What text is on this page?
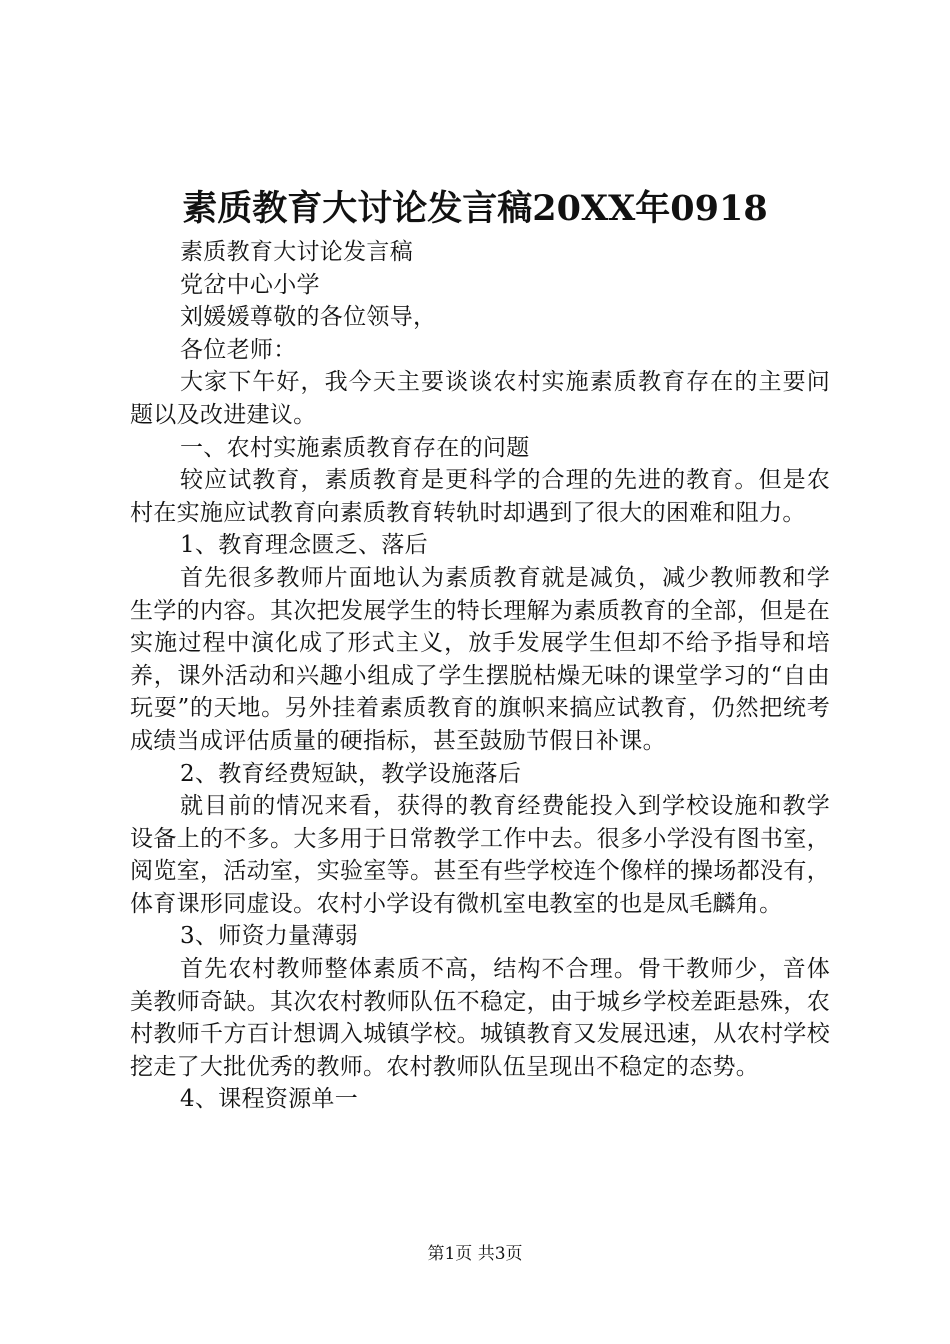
素质教育大讨论发言稿20XX年0918

素质教育大讨论发言稿

党岔中心小学

刘媛媛尊敬的各位领导，

各位老师：

大家下午好，我今天主要谈谈农村实施素质教育存在的主要问题以及改进建议。

一、农村实施素质教育存在的问题

较应试教育，素质教育是更科学的合理的先进的教育。但是农村在实施应试教育向素质教育转轨时却遇到了很大的困难和阻力。

1、教育理念匮乏、落后

首先很多教师片面地认为素质教育就是减负，减少教师教和学生学的内容。其次把发展学生的特长理解为素质教育的全部，但是在实施过程中演化成了形式主义，放手发展学生但却不给予指导和培养，课外活动和兴趣小组成了学生摆脱枯燥无味的课堂学习的“自由玩耍”的天地。另外挂着素质教育的旗帜来搞应试教育，仍然把统考成绩当成评估质量的硬指标，甚至鼓励节假日补课。

2、教育经费短缺，教学设施落后

就目前的情况来看，获得的教育经费能投入到学校设施和教学设备上的不多。大多用于日常教学工作中去。很多小学没有图书室，阅览室，活动室，实验室等。甚至有些学校连个像样的操场都没有，体育课形同虚设。农村小学设有微机室电教室的也是凤毛麟角。

3、师资力量薄弱

首先农村教师整体素质不高，结构不合理。骨干教师少，音体美教师奇缺。其次农村教师队伍不稳定，由于城乡学校差距悬殊，农村教师千方百计想调入城镇学校。城镇教育又发展迅速，从农村学校挖走了大批优秀的教师。农村教师队伍呈现出不稳定的态势。

4、课程资源单一

第1页 共3页
